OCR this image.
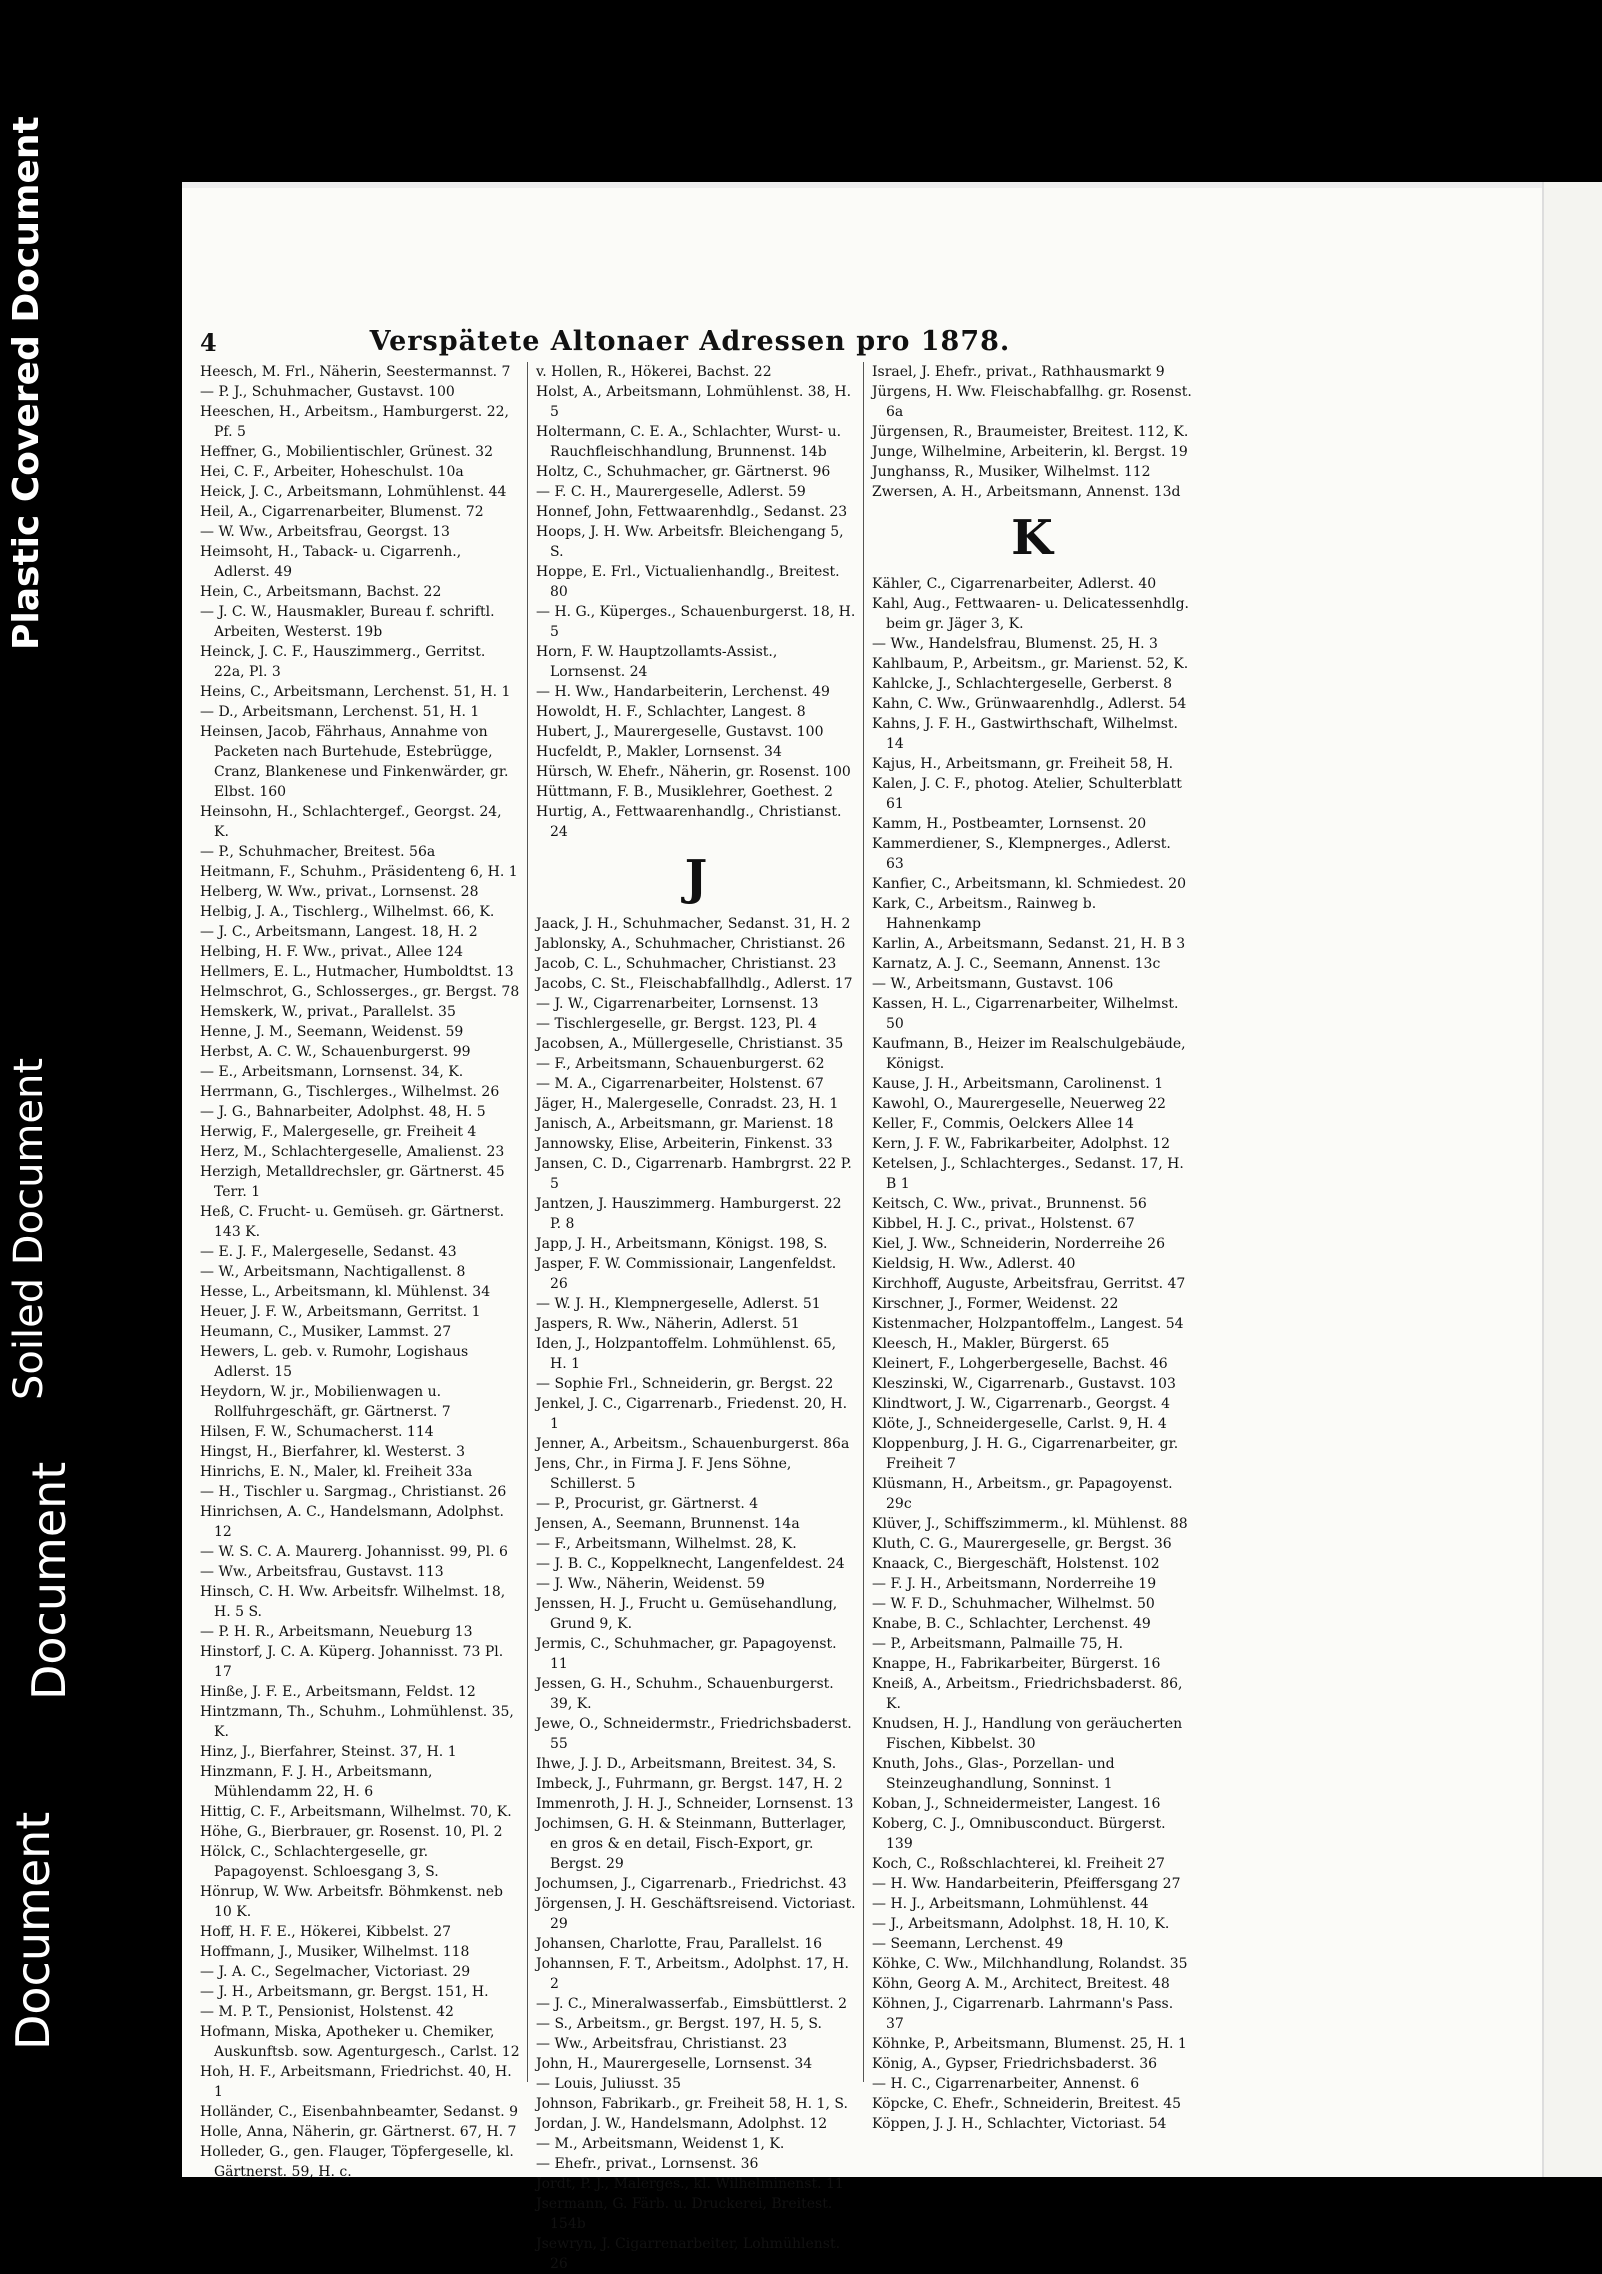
Plastic Covered Document
Soiled Document
Document
Document
4	Verspätete Altonaer Adressen pro 1878.
Heesch, M. Frl., Näherin, Seestermannst. 7
— P. J., Schuhmacher, Gustavst. 100
Heeschen, H., Arbeitsm., Hamburgerst. 22, Pf. 5
Heffner, G., Mobilientischler, Grünest. 32
Hei, C. F., Arbeiter, Hoheschulst. 10a
Heick, J. C., Arbeitsmann, Lohmühlenst. 44
Heil, A., Cigarrenarbeiter, Blumenst. 72
— W. Ww., Arbeitsfrau, Georgst. 13
Heimsoht, H., Taback- u. Cigarrenh., Adlerst. 49
Hein, C., Arbeitsmann, Bachst. 22
— J. C. W., Hausmakler, Bureau f. schriftl. Arbeiten, Westerst. 19b
Heinck, J. C. F., Hauszimmerg., Gerritst. 22a, Pl. 3
Heins, C., Arbeitsmann, Lerchenst. 51, H. 1
— D., Arbeitsmann, Lerchenst. 51, H. 1
Heinsen, Jacob, Fährhaus, Annahme von Packeten nach Burtehude, Estebrügge, Cranz, Blankenese und Finkenwärder, gr. Elbst. 160
Heinsohn, H., Schlachtergef., Georgst. 24, K.
— P., Schuhmacher, Breitest. 56a
Heitmann, F., Schuhm., Präsidenteng 6, H. 1
Helberg, W. Ww., privat., Lornsenst. 28
Helbig, J. A., Tischlerg., Wilhelmst. 66, K.
— J. C., Arbeitsmann, Langest. 18, H. 2
Helbing, H. F. Ww., privat., Allee 124
Hellmers, E. L., Hutmacher, Humboldtst. 13
Helmschrot, G., Schlosserges., gr. Bergst. 78
Hemskerk, W., privat., Parallelst. 35
Henne, J. M., Seemann, Weidenst. 59
Herbst, A. C. W., Schauenburgerst. 99
— E., Arbeitsmann, Lornsenst. 34, K.
Herrmann, G., Tischlerges., Wilhelmst. 26
— J. G., Bahnarbeiter, Adolphst. 48, H. 5
Herwig, F., Malergeselle, gr. Freiheit 4
Herz, M., Schlachtergeselle, Amalienst. 23
Herzigh, Metalldrechsler, gr. Gärtnerst. 45 Terr. 1
Heß, C. Frucht- u. Gemüseh. gr. Gärtnerst. 143 K.
— E. J. F., Malergeselle, Sedanst. 43
— W., Arbeitsmann, Nachtigallenst. 8
Hesse, L., Arbeitsmann, kl. Mühlenst. 34
Heuer, J. F. W., Arbeitsmann, Gerritst. 1
Heumann, C., Musiker, Lammst. 27
Hewers, L. geb. v. Rumohr, Logishaus Adlerst. 15
Heydorn, W. jr., Mobilienwagen u. Rollfuhrgeschäft, gr. Gärtnerst. 7
Hilsen, F. W., Schumacherst. 114
Hingst, H., Bierfahrer, kl. Westerst. 3
Hinrichs, E. N., Maler, kl. Freiheit 33a
— H., Tischler u. Sargmag., Christianst. 26
Hinrichsen, A. C., Handelsmann, Adolphst. 12
— W. S. C. A. Maurerg. Johannisst. 99, Pl. 6
— Ww., Arbeitsfrau, Gustavst. 113
Hinsch, C. H. Ww. Arbeitsfr. Wilhelmst. 18, H. 5 S.
— P. H. R., Arbeitsmann, Neueburg 13
Hinstorf, J. C. A. Küperg. Johannisst. 73 Pl. 17
Hinße, J. F. E., Arbeitsmann, Feldst. 12
Hintzmann, Th., Schuhm., Lohmühlenst. 35, K.
Hinz, J., Bierfahrer, Steinst. 37, H. 1
Hinzmann, F. J. H., Arbeitsmann, Mühlendamm 22, H. 6
Hittig, C. F., Arbeitsmann, Wilhelmst. 70, K.
Höhe, G., Bierbrauer, gr. Rosenst. 10, Pl. 2
Hölck, C., Schlachtergeselle, gr. Papagoyenst. Schloesgang 3, S.
Hönrup, W. Ww. Arbeitsfr. Böhmkenst. neb 10 K.
Hoff, H. F. E., Hökerei, Kibbelst. 27
Hoffmann, J., Musiker, Wilhelmst. 118
— J. A. C., Segelmacher, Victoriast. 29
— J. H., Arbeitsmann, gr. Bergst. 151, H.
— M. P. T., Pensionist, Holstenst. 42
Hofmann, Miska, Apotheker u. Chemiker, Auskunftsb. sow. Agenturgesch., Carlst. 12
Hoh, H. F., Arbeitsmann, Friedrichst. 40, H. 1
Holländer, C., Eisenbahnbeamter, Sedanst. 9
Holle, Anna, Näherin, gr. Gärtnerst. 67, H. 7
Holleder, G., gen. Flauger, Töpfergeselle, kl. Gärtnerst. 59, H. c.
v. Hollen, R., Hökerei, Bachst. 22
Holst, A., Arbeitsmann, Lohmühlenst. 38, H. 5
Holtermann, C. E. A., Schlachter, Wurst- u. Rauchfleischhandlung, Brunnenst. 14b
Holtz, C., Schuhmacher, gr. Gärtnerst. 96
— F. C. H., Maurergeselle, Adlerst. 59
Honnef, John, Fettwaarenhdlg., Sedanst. 23
Hoops, J. H. Ww. Arbeitsfr. Bleichengang 5, S.
Hoppe, E. Frl., Victualienhandlg., Breitest. 80
— H. G., Küperges., Schauenburgerst. 18, H. 5
Horn, F. W. Hauptzollamts-Assist., Lornsenst. 24
— H. Ww., Handarbeiterin, Lerchenst. 49
Howoldt, H. F., Schlachter, Langest. 8
Hubert, J., Maurergeselle, Gustavst. 100
Hucfeldt, P., Makler, Lornsenst. 34
Hürsch, W. Ehefr., Näherin, gr. Rosenst. 100
Hüttmann, F. B., Musiklehrer, Goethest. 2
Hurtig, A., Fettwaarenhandlg., Christianst. 24
J
Jaack, J. H., Schuhmacher, Sedanst. 31, H. 2
Jablonsky, A., Schuhmacher, Christianst. 26
Jacob, C. L., Schuhmacher, Christianst. 23
Jacobs, C. St., Fleischabfallhdlg., Adlerst. 17
— J. W., Cigarrenarbeiter, Lornsenst. 13
— Tischlergeselle, gr. Bergst. 123, Pl. 4
Jacobsen, A., Müllergeselle, Christianst. 35
— F., Arbeitsmann, Schauenburgerst. 62
— M. A., Cigarrenarbeiter, Holstenst. 67
Jäger, H., Malergeselle, Conradst. 23, H. 1
Janisch, A., Arbeitsmann, gr. Marienst. 18
Jannowsky, Elise, Arbeiterin, Finkenst. 33
Jansen, C. D., Cigarrenarb. Hambrgrst. 22 P. 5
Jantzen, J. Hauszimmerg. Hamburgerst. 22 P. 8
Japp, J. H., Arbeitsmann, Königst. 198, S.
Jasper, F. W. Commissionair, Langenfeldst. 26
— W. J. H., Klempnergeselle, Adlerst. 51
Jaspers, R. Ww., Näherin, Adlerst. 51
Iden, J., Holzpantoffelm. Lohmühlenst. 65, H. 1
— Sophie Frl., Schneiderin, gr. Bergst. 22
Jenkel, J. C., Cigarrenarb., Friedenst. 20, H. 1
Jenner, A., Arbeitsm., Schauenburgerst. 86a
Jens, Chr., in Firma J. F. Jens Söhne, Schillerst. 5
— P., Procurist, gr. Gärtnerst. 4
Jensen, A., Seemann, Brunnenst. 14a
— F., Arbeitsmann, Wilhelmst. 28, K.
— J. B. C., Koppelknecht, Langenfeldest. 24
— J. Ww., Näherin, Weidenst. 59
Jenssen, H. J., Frucht u. Gemüsehandlung, Grund 9, K.
Jermis, C., Schuhmacher, gr. Papagoyenst. 11
Jessen, G. H., Schuhm., Schauenburgerst. 39, K.
Jewe, O., Schneidermstr., Friedrichsbaderst. 55
Ihwe, J. J. D., Arbeitsmann, Breitest. 34, S.
Imbeck, J., Fuhrmann, gr. Bergst. 147, H. 2
Immenroth, J. H. J., Schneider, Lornsenst. 13
Jochimsen, G. H. & Steinmann, Butterlager, en gros & en detail, Fisch-Export, gr. Bergst. 29
Jochumsen, J., Cigarrenarb., Friedrichst. 43
Jörgensen, J. H. Geschäftsreisend. Victoriast. 29
Johansen, Charlotte, Frau, Parallelst. 16
Johannsen, F. T., Arbeitsm., Adolphst. 17, H. 2
— J. C., Mineralwasserfab., Eimsbüttlerst. 2
— S., Arbeitsm., gr. Bergst. 197, H. 5, S.
— Ww., Arbeitsfrau, Christianst. 23
John, H., Maurergeselle, Lornsenst. 34
— Louis, Juliusst. 35
Johnson, Fabrikarb., gr. Freiheit 58, H. 1, S.
Jordan, J. W., Handelsmann, Adolphst. 12
— M., Arbeitsmann, Weidenst 1, K.
— Ehefr., privat., Lornsenst. 36
Jordt, P. J., Malerges., kl. Wilhelminenst. 11
Jsermann, G. Färb. u. Druckerei, Breitest. 154b
Jsewryn, J. Cigarrenarbeiter, Lohmühlenst. 26
Israel, J. Ehefr., privat., Rathhausmarkt 9
Jürgens, H. Ww. Fleischabfallhg. gr. Rosenst. 6a
Jürgensen, R., Braumeister, Breitest. 112, K.
Junge, Wilhelmine, Arbeiterin, kl. Bergst. 19
Junghanss, R., Musiker, Wilhelmst. 112
Zwersen, A. H., Arbeitsmann, Annenst. 13d
K
Kähler, C., Cigarrenarbeiter, Adlerst. 40
Kahl, Aug., Fettwaaren- u. Delicatessenhdlg. beim gr. Jäger 3, K.
— Ww., Handelsfrau, Blumenst. 25, H. 3
Kahlbaum, P., Arbeitsm., gr. Marienst. 52, K.
Kahlcke, J., Schlachtergeselle, Gerberst. 8
Kahn, C. Ww., Grünwaarenhdlg., Adlerst. 54
Kahns, J. F. H., Gastwirthschaft, Wilhelmst. 14
Kajus, H., Arbeitsmann, gr. Freiheit 58, H.
Kalen, J. C. F., photog. Atelier, Schulterblatt 61
Kamm, H., Postbeamter, Lornsenst. 20
Kammerdiener, S., Klempnerges., Adlerst. 63
Kanfier, C., Arbeitsmann, kl. Schmiedest. 20
Kark, C., Arbeitsm., Rainweg b. Hahnenkamp
Karlin, A., Arbeitsmann, Sedanst. 21, H. B 3
Karnatz, A. J. C., Seemann, Annenst. 13c
— W., Arbeitsmann, Gustavst. 106
Kassen, H. L., Cigarrenarbeiter, Wilhelmst. 50
Kaufmann, B., Heizer im Realschulgebäude, Königst.
Kause, J. H., Arbeitsmann, Carolinenst. 1
Kawohl, O., Maurergeselle, Neuerweg 22
Keller, F., Commis, Oelckers Allee 14
Kern, J. F. W., Fabrikarbeiter, Adolphst. 12
Ketelsen, J., Schlachterges., Sedanst. 17, H. B 1
Keitsch, C. Ww., privat., Brunnenst. 56
Kibbel, H. J. C., privat., Holstenst. 67
Kiel, J. Ww., Schneiderin, Norderreihe 26
Kieldsig, H. Ww., Adlerst. 40
Kirchhoff, Auguste, Arbeitsfrau, Gerritst. 47
Kirschner, J., Former, Weidenst. 22
Kistenmacher, Holzpantoffelm., Langest. 54
Kleesch, H., Makler, Bürgerst. 65
Kleinert, F., Lohgerbergeselle, Bachst. 46
Kleszinski, W., Cigarrenarb., Gustavst. 103
Klindtwort, J. W., Cigarrenarb., Georgst. 4
Klöte, J., Schneidergeselle, Carlst. 9, H. 4
Kloppenburg, J. H. G., Cigarrenarbeiter, gr. Freiheit 7
Klüsmann, H., Arbeitsm., gr. Papagoyenst. 29c
Klüver, J., Schiffszimmerm., kl. Mühlenst. 88
Kluth, C. G., Maurergeselle, gr. Bergst. 36
Knaack, C., Biergeschäft, Holstenst. 102
— F. J. H., Arbeitsmann, Norderreihe 19
— W. F. D., Schuhmacher, Wilhelmst. 50
Knabe, B. C., Schlachter, Lerchenst. 49
— P., Arbeitsmann, Palmaille 75, H.
Knappe, H., Fabrikarbeiter, Bürgerst. 16
Kneiß, A., Arbeitsm., Friedrichsbaderst. 86, K.
Knudsen, H. J., Handlung von geräucherten Fischen, Kibbelst. 30
Knuth, Johs., Glas-, Porzellan- und Steinzeughandlung, Sonninst. 1
Koban, J., Schneidermeister, Langest. 16
Koberg, C. J., Omnibusconduct. Bürgerst. 139
Koch, C., Roßschlachterei, kl. Freiheit 27
— H. Ww. Handarbeiterin, Pfeiffersgang 27
— H. J., Arbeitsmann, Lohmühlenst. 44
— J., Arbeitsmann, Adolphst. 18, H. 10, K.
— Seemann, Lerchenst. 49
Köhke, C. Ww., Milchhandlung, Rolandst. 35
Köhn, Georg A. M., Architect, Breitest. 48
Köhnen, J., Cigarrenarb. Lahrmann's Pass. 37
Köhnke, P., Arbeitsmann, Blumenst. 25, H. 1
König, A., Gypser, Friedrichsbaderst. 36
— H. C., Cigarrenarbeiter, Annenst. 6
Köpcke, C. Ehefr., Schneiderin, Breitest. 45
Köppen, J. J. H., Schlachter, Victoriast. 54
